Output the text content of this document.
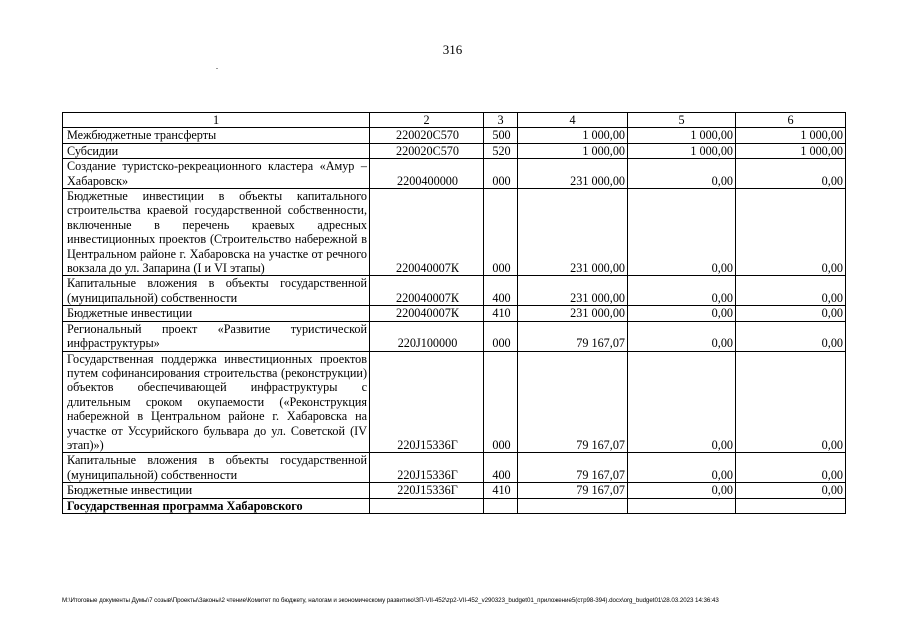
316
1	2	3	4	5	6
Межбюджетные трансферты	220020С570	500	1 000,00	1 000,00	1 000,00
Субсидии	220020С570	520	1 000,00	1 000,00	1 000,00
Создание туристско-рекреационного кластера «Амур – Хабаровск»	2200400000	000	231 000,00	0,00	0,00
Бюджетные инвестиции в объекты капитального строительства краевой государственной собственности, включенные в перечень краевых адресных инвестиционных проектов (Строительство набережной в Центральном районе г. Хабаровска на участке от речного вокзала до ул. Запарина (I и VI этапы)	220040007К	000	231 000,00	0,00	0,00
Капитальные вложения в объекты государственной (муниципальной) собственности	220040007К	400	231 000,00	0,00	0,00
Бюджетные инвестиции	220040007К	410	231 000,00	0,00	0,00
Региональный проект «Развитие туристической инфраструктуры»	220J100000	000	79 167,07	0,00	0,00
Государственная поддержка инвестиционных проектов путем софинансирования строительства (реконструкции) объектов обеспечивающей инфраструктуры с длительным сроком окупаемости («Реконструкция набережной в Центральном районе г. Хабаровска на участке от Уссурийского бульвара до ул. Советской (IV этап)»)	220J15336Г	000	79 167,07	0,00	0,00
Капитальные вложения в объекты государственной (муниципальной) собственности	220J15336Г	400	79 167,07	0,00	0,00
Бюджетные инвестиции	220J15336Г	410	79 167,07	0,00	0,00
Государственная программа Хабаровского					
М:\Итоговые документы Думы\7 созыв\Проекты\Законы\2 чтение\Комитет по бюджету, налогам и экономическому развитию\ЗП-VII-452\zp2-VII-452_v290323_budget01_приложение5(стр98-394).docx\org_budget01\28.03.2023 14:36:43
